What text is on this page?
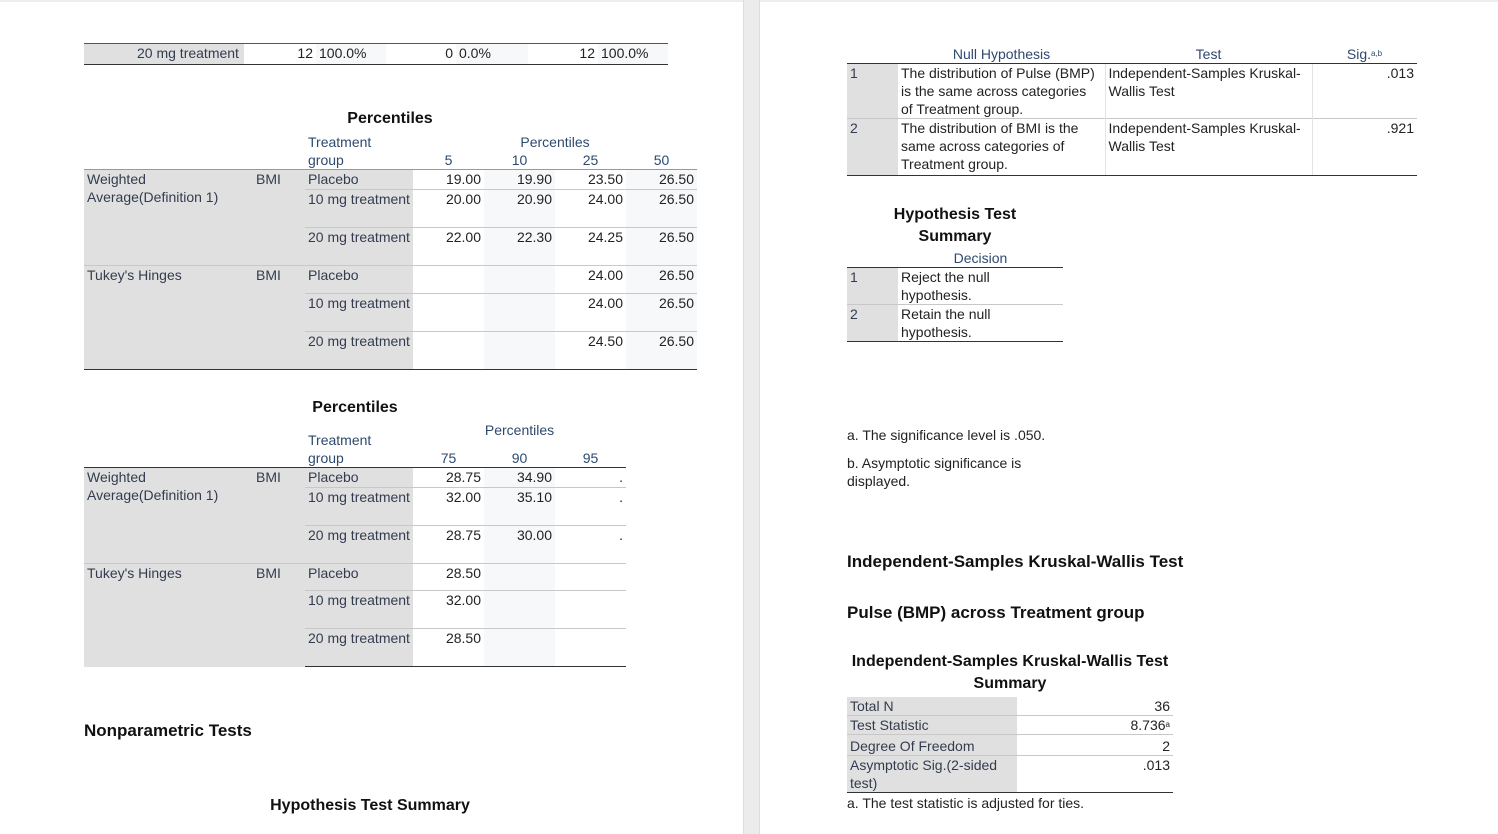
	20 mg treatment	12	100.0%	0	0.0%	12	100.0%
Percentiles
		Treatment group	Percentiles			
			5	10	25	50
Weighted Average(Definition 1)	BMI	Placebo	19.00	19.90	23.50	26.50
		10 mg treatment	20.00	20.90	24.00	26.50
		20 mg treatment	22.00	22.30	24.25	26.50
Tukey's Hinges	BMI	Placebo			24.00	26.50
		10 mg treatment			24.00	26.50
		20 mg treatment			24.50	26.50
Percentiles
		Treatment group	Percentiles		
			75	90	95
Weighted Average(Definition 1)	BMI	Placebo	28.75	34.90	.
		10 mg treatment	32.00	35.10	.
		20 mg treatment	28.75	30.00	.
Tukey's Hinges	BMI	Placebo	28.50		
		10 mg treatment	32.00		
		20 mg treatment	28.50		
Nonparametric Tests
Hypothesis Test Summary
	Null Hypothesis	Test	Sig.$^{a,b}$
1	The distribution of Pulse (BMP) is the same across categories of Treatment group.	Independent-Samples Kruskal-Wallis Test	.013
2	The distribution of BMI is the same across categories of Treatment group.	Independent-Samples Kruskal-Wallis Test	.921
Hypothesis Test Summary
	Decision
1	Reject the null hypothesis.
2	Retain the null hypothesis.
a. The significance level is .050.
b. Asymptotic significance is displayed.
Independent-Samples Kruskal-Wallis Test
Pulse (BMP) across Treatment group
Independent-Samples Kruskal-Wallis Test Summary
Total N	36
Test Statistic	8.736$^a$
Degree Of Freedom	2
Asymptotic Sig.(2-sided test)	.013
a. The test statistic is adjusted for ties.
